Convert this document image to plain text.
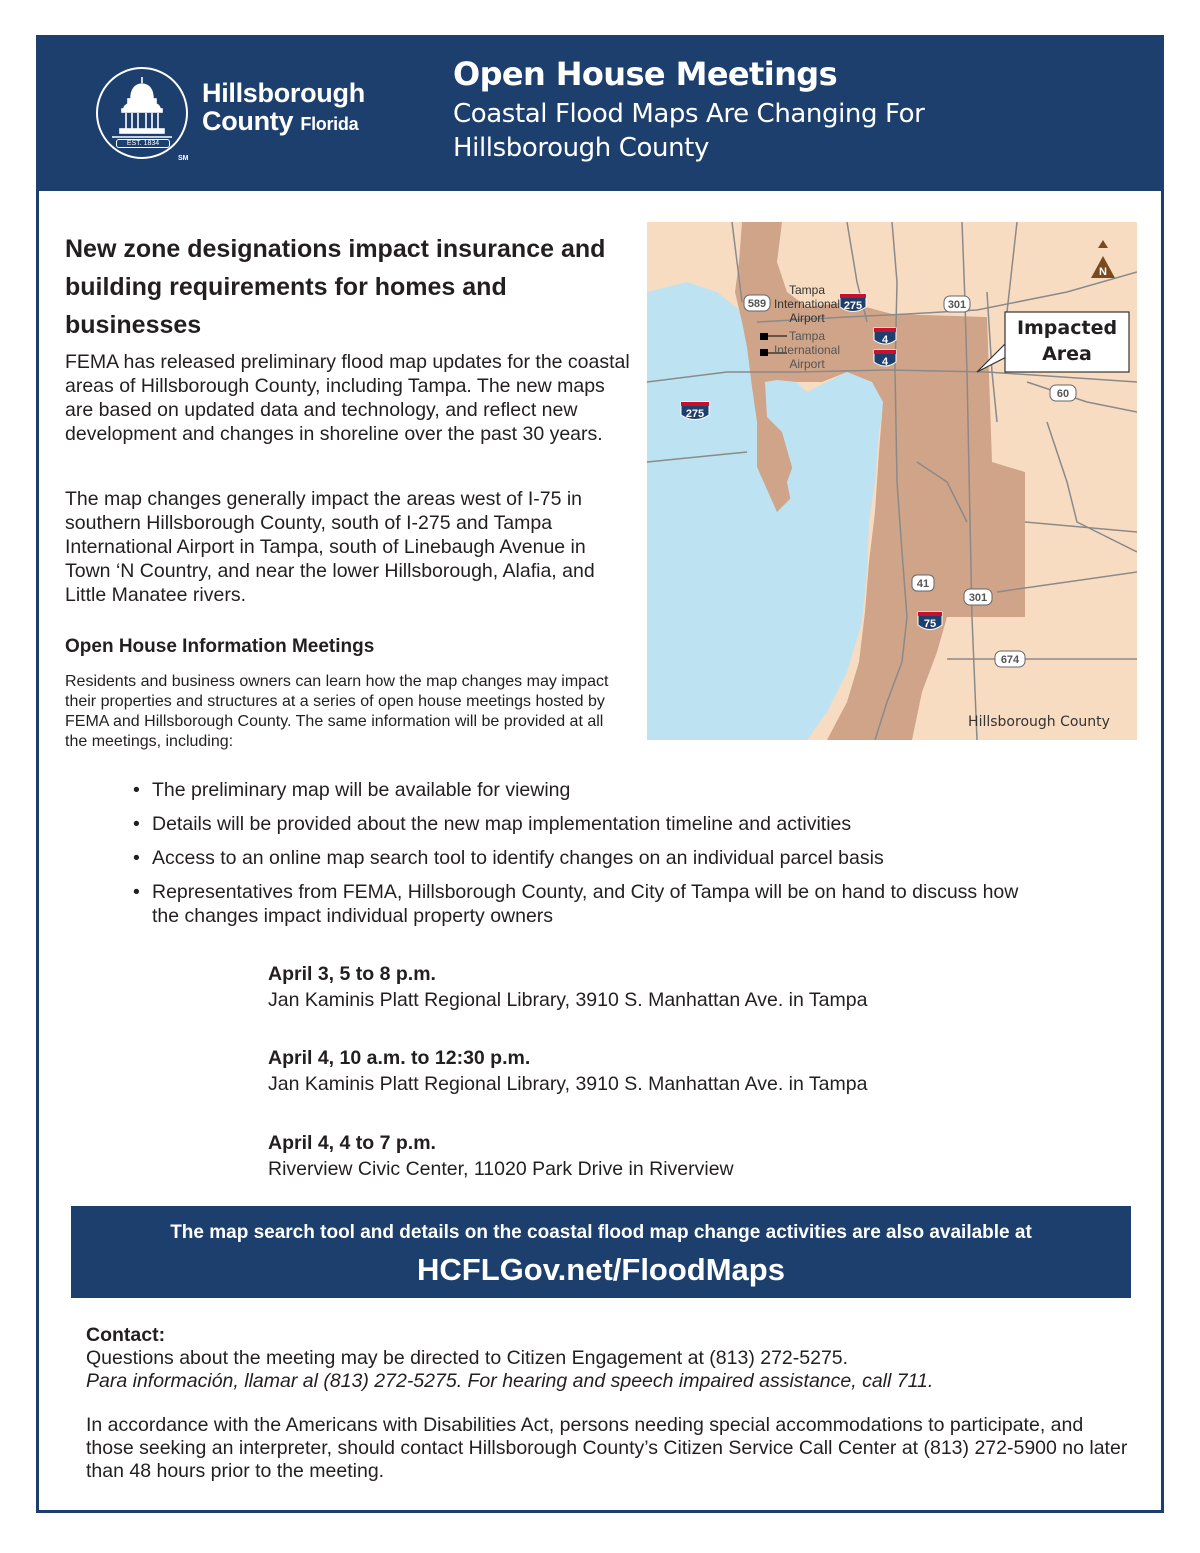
EST. 1834
SM
Hillsborough
County Florida
Open House Meetings
Coastal Flood Maps Are Changing For Hillsborough County
New zone designations impact insurance and building requirements for homes and businesses
FEMA has released preliminary flood map updates for the coastal areas of Hillsborough County, including Tampa. The new maps are based on updated data and technology, and reflect new development and changes in shoreline over the past 30 years.
The map changes generally impact the areas west of I-75 in southern Hillsborough County, south of I-275 and Tampa International Airport in Tampa, south of Linebaugh Avenue in Town ‘N Country, and near the lower Hillsborough, Alafia, and Little Manatee rivers.
Open House Information Meetings
Residents and business owners can learn how the map changes may impact their properties and structures at a series of open house meetings hosted by FEMA and Hillsborough County. The same information will be provided at all the meetings, including:
Tampa International Airport
Tampa International Airport
589	275	301
4
4
275
60
41
301
75
674
Impacted Area
N
Hillsborough County
• The preliminary map will be available for viewing
• Details will be provided about the new map implementation timeline and activities
• Access to an online map search tool to identify changes on an individual parcel basis
• Representatives from FEMA, Hillsborough County, and City of Tampa will be on hand to discuss how the changes impact individual property owners
April 3, 5 to 8 p.m.
Jan Kaminis Platt Regional Library, 3910 S. Manhattan Ave. in Tampa
April 4, 10 a.m. to 12:30 p.m.
Jan Kaminis Platt Regional Library, 3910 S. Manhattan Ave. in Tampa
April 4, 4 to 7 p.m.
Riverview Civic Center, 11020 Park Drive in Riverview
The map search tool and details on the coastal flood map change activities are also available at
HCFLGov.net/FloodMaps
Contact:
Questions about the meeting may be directed to Citizen Engagement at (813) 272-5275.
Para información, llamar al (813) 272-5275. For hearing and speech impaired assistance, call 711.
In accordance with the Americans with Disabilities Act, persons needing special accommodations to participate, and those seeking an interpreter, should contact Hillsborough County’s Citizen Service Call Center at (813) 272-5900 no later than 48 hours prior to the meeting.
